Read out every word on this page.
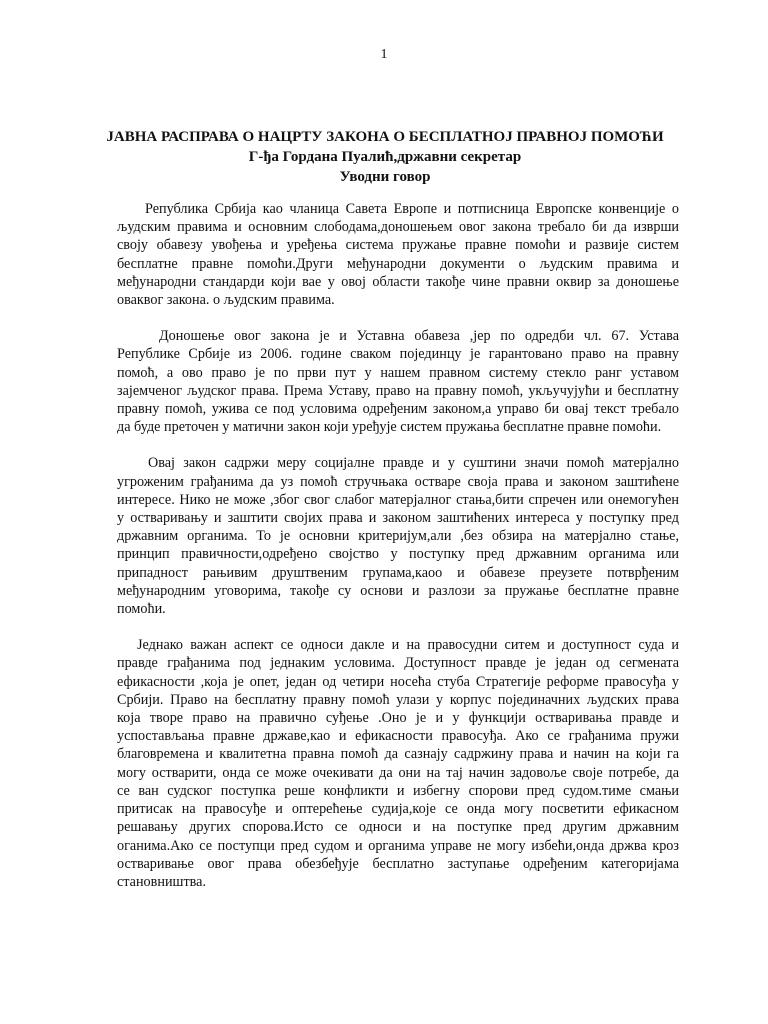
1
ЈАВНА РАСПРАВА О НАЦРТУ ЗАКОНА О БЕСПЛАТНОЈ ПРАВНОЈ ПОМОЋИ
Г-ђа Гордана Пуалић,државни секретар
Уводни говор
Република Србија као чланица Савета Европе и потписница Европске конвенције о
људским правима и основним слободама,доношењем овог закона требало би да изврши
своју обавезу увођења и уређења система пружање правне помоћи и развије систем
бесплатне правне помоћи.Други међународни документи о људским правима и
међународни стандарди који вае у овој области такође чине правни оквир за доношење
оваквог закона. о људским правима.
Доношење овог закона је и Уставна обавеза ,јер по одредби чл. 67. Устава
Републике Србије из 2006. године сваком појединцу је гарантовано право на правну
помоћ, а ово право је по први пут у нашем правном систему стекло ранг уставом
зајемченог људског права. Према Уставу, право на правну помоћ, укључујући и бесплатну
правну помоћ, ужива се под условима одређеним законом,а управо би овај текст требало
да буде преточен у матични закон који уређује систем пружања бесплатне правне помоћи.
Овај закон садржи меру социјалне правде и у суштини значи помоћ матерјално
угроженим грађанима да уз помоћ стручњака остваре своја права и законом заштићене
интересе. Нико не може ,због свог слабог матерјалног стања,бити спречен или онемогућен
у остваривању и заштити својих права и законом заштићених интереса у поступку пред
државним органима. То је основни критеријум,али ,без обзира на матерјално стање,
принцип правичности,одређено својство у поступку пред државним органима или
припадност рањивим друштвеним групама,каоо и обавезе преузете потврђеним
међународним уговорима, такође су основи и разлози за пружање бесплатне правне
помоћи.
Једнако важан аспект се односи дакле и на правосудни ситем и доступност суда и
правде грађанима под једнаким условима. Доступност правде је један од сегмената
ефикасности ,која је опет, један од четири носећа стуба Стратегије реформе правосуђа у
Србији. Право на бесплатну правну помоћ улази у корпус појединачних људских права
која творе право на правично суђење .Оно је и у функцији остваривања правде и
успостављања правне државе,као и ефикасности правосуђа. Ако се грађанима пружи
благовремена и квалитетна правна помоћ да сазнају садржину права и начин на који га
могу остварити, онда се може очекивати да они на тај начин задовоље своје потребе, да
се ван судског поступка реше конфликти и избегну спорови пред судом.тиме смањи
притисак на правосуђе и оптерећење судија,које се онда могу посветити ефикасном
решавању других спорова.Исто се односи и на поступке пред другим државним
оганима.Ако се поступци пред судом и органима управе не могу избећи,онда држва кроз
остваривање овог права обезбеђује бесплатно заступање одређеним категоријама
становништва.
